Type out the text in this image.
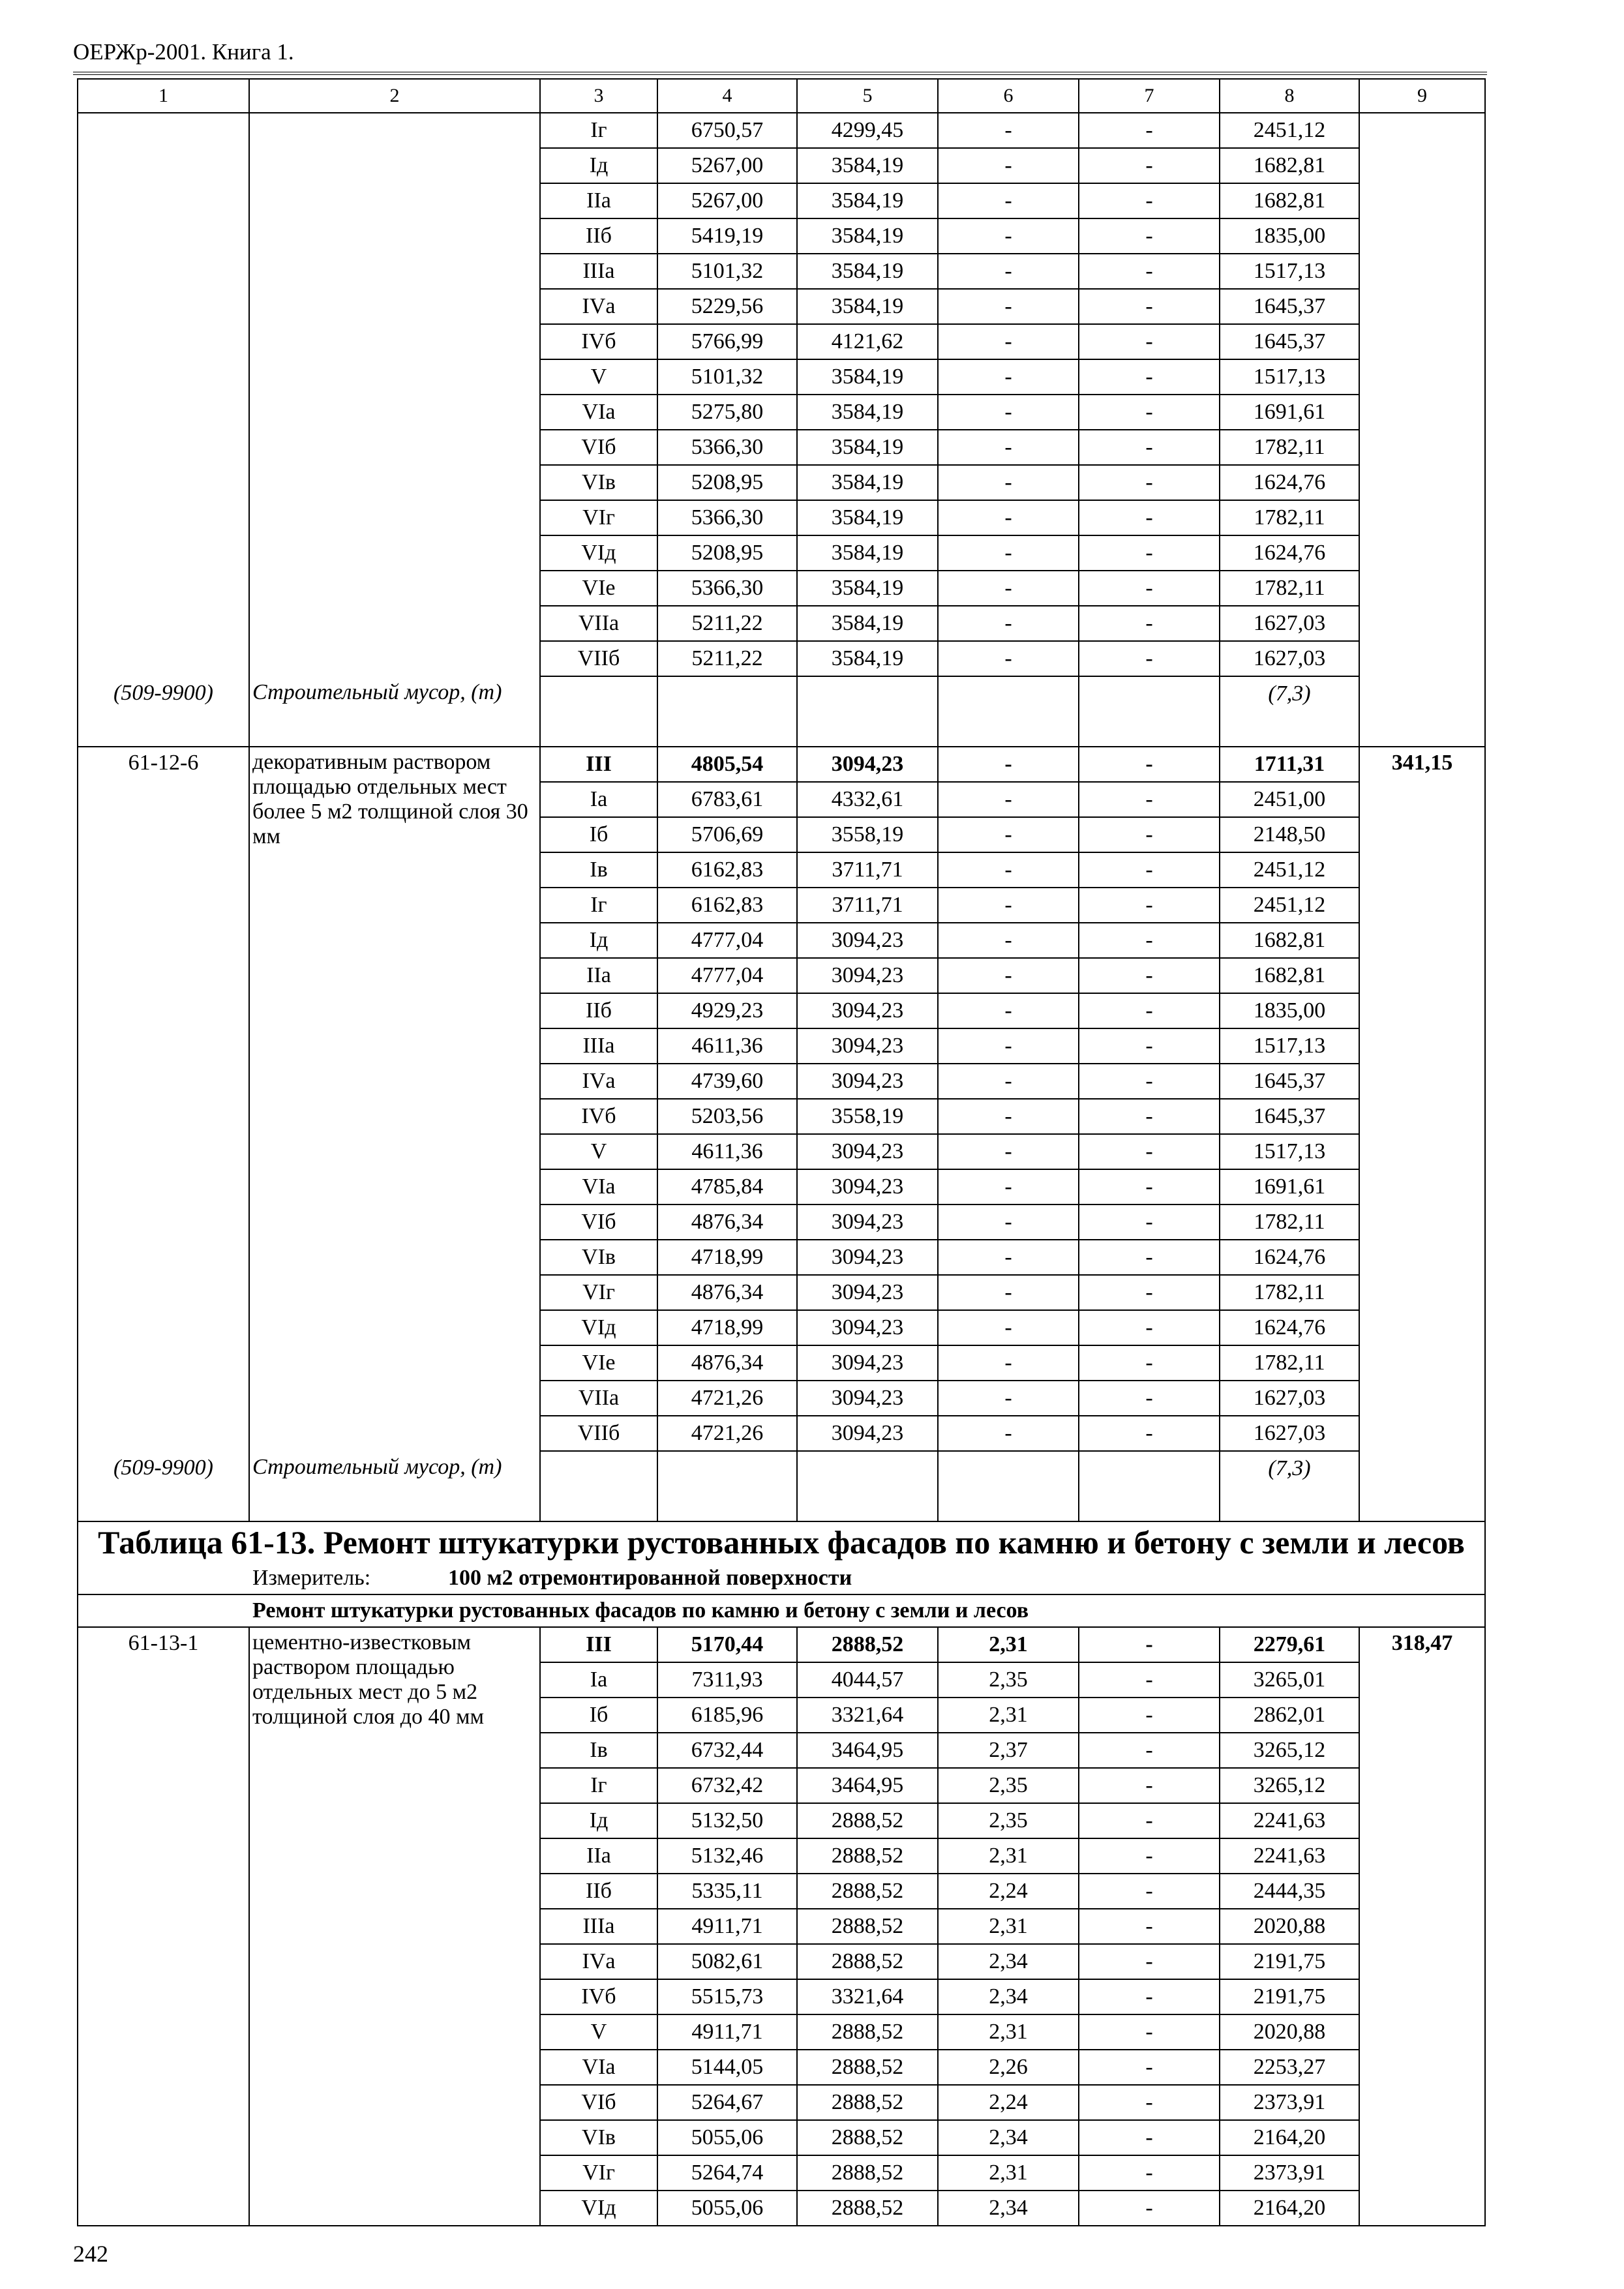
ОЕРЖр-2001. Книга 1.
1	2	3	4	5	6	7	8	9
		Iг	6750,57	4299,45	-	-	2451,12	
		Iд	5267,00	3584,19	-	-	1682,81	
		IIа	5267,00	3584,19	-	-	1682,81	
		IIб	5419,19	3584,19	-	-	1835,00	
		IIIа	5101,32	3584,19	-	-	1517,13	
		IVа	5229,56	3584,19	-	-	1645,37	
		IVб	5766,99	4121,62	-	-	1645,37	
		V	5101,32	3584,19	-	-	1517,13	
		VIа	5275,80	3584,19	-	-	1691,61	
		VIб	5366,30	3584,19	-	-	1782,11	
		VIв	5208,95	3584,19	-	-	1624,76	
		VIг	5366,30	3584,19	-	-	1782,11	
		VIд	5208,95	3584,19	-	-	1624,76	
		VIе	5366,30	3584,19	-	-	1782,11	
		VIIа	5211,22	3584,19	-	-	1627,03	
		VIIб	5211,22	3584,19	-	-	1627,03	
(509-9900)	Строительный мусор, (т)						(7,3)	
61-12-6	декоративным раствором площадью отдельных мест более 5 м2 толщиной слоя 30 мм	III	4805,54	3094,23	-	-	1711,31	341,15
		Iа	6783,61	4332,61	-	-	2451,00	
		Iб	5706,69	3558,19	-	-	2148,50	
		Iв	6162,83	3711,71	-	-	2451,12	
		Iг	6162,83	3711,71	-	-	2451,12	
		Iд	4777,04	3094,23	-	-	1682,81	
		IIа	4777,04	3094,23	-	-	1682,81	
		IIб	4929,23	3094,23	-	-	1835,00	
		IIIа	4611,36	3094,23	-	-	1517,13	
		IVа	4739,60	3094,23	-	-	1645,37	
		IVб	5203,56	3558,19	-	-	1645,37	
		V	4611,36	3094,23	-	-	1517,13	
		VIа	4785,84	3094,23	-	-	1691,61	
		VIб	4876,34	3094,23	-	-	1782,11	
		VIв	4718,99	3094,23	-	-	1624,76	
		VIг	4876,34	3094,23	-	-	1782,11	
		VIд	4718,99	3094,23	-	-	1624,76	
		VIе	4876,34	3094,23	-	-	1782,11	
		VIIа	4721,26	3094,23	-	-	1627,03	
		VIIб	4721,26	3094,23	-	-	1627,03	
(509-9900)	Строительный мусор, (т)						(7,3)	
Таблица 61-13. Ремонт штукатурки рустованных фасадов по камню и бетону с земли и лесов								
Измеритель: 100 м2 отремонтированной поверхности								
Ремонт штукатурки рустованных фасадов по камню и бетону с земли и лесов								
61-13-1	цементно-известковым раствором площадью отдельных мест до 5 м2 толщиной слоя до 40 мм	III	5170,44	2888,52	2,31	-	2279,61	318,47
		Iа	7311,93	4044,57	2,35	-	3265,01	
		Iб	6185,96	3321,64	2,31	-	2862,01	
		Iв	6732,44	3464,95	2,37	-	3265,12	
		Iг	6732,42	3464,95	2,35	-	3265,12	
		Iд	5132,50	2888,52	2,35	-	2241,63	
		IIа	5132,46	2888,52	2,31	-	2241,63	
		IIб	5335,11	2888,52	2,24	-	2444,35	
		IIIа	4911,71	2888,52	2,31	-	2020,88	
		IVа	5082,61	2888,52	2,34	-	2191,75	
		IVб	5515,73	3321,64	2,34	-	2191,75	
		V	4911,71	2888,52	2,31	-	2020,88	
		VIа	5144,05	2888,52	2,26	-	2253,27	
		VIб	5264,67	2888,52	2,24	-	2373,91	
		VIв	5055,06	2888,52	2,34	-	2164,20	
		VIг	5264,74	2888,52	2,31	-	2373,91	
		VIд	5055,06	2888,52	2,34	-	2164,20	
242
